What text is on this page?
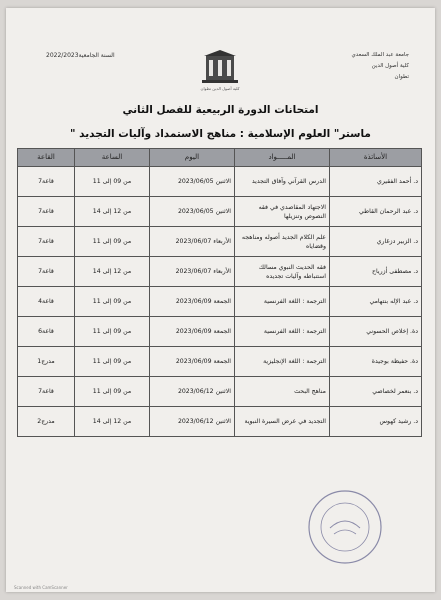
جامعة عبد الملك السعدي
كلية أصول الدين
تطوان
السنة الجامعية2022/2023
كلية أصول الدين تطوان
امتحانات الدورة الربيعية للفصل الثاني
ماستر" العلوم الإسلامية : مناهج الاستمداد وآليات التجديد "
الأساتذة	المـــــواد	اليوم	الساعة	القاعة
د. أحمد الفقيري	الدرس القرآني وآفاق التجديد	الاثنين 2023/06/05	من 09 إلى 11	قاعة7
د. عبد الرحمان القاطي	الاجتهاد المقاصدي في فقه النصوص وتنزيلها	الاثنين 2023/06/05	من 12 إلى 14	قاعة7
د. الزبير دزغاري	علم الكلام الجديد أصوله ومناهجه وقضاياه	الأربعاء 2023/06/07	من 09 إلى 11	قاعة7
د. مصطفى أزرياح	فقه الحديث النبوي مسالك استنباطه وآليات تجديده	الأربعاء 2023/06/07	من 12 إلى 14	قاعة7
د. عبد الإله بنتهامي	الترجمة : اللغة الفرنسية	الجمعة 2023/06/09	من 09 إلى 11	قاعة4
دة. إخلاص الحسوني	الترجمة : اللغة الفرنسية	الجمعة 2023/06/09	من 09 إلى 11	قاعة6
دة. حفيظة بوجيدة	الترجمة : اللغة الإنجليزية	الجمعة 2023/06/09	من 09 إلى 11	مدرج1
د. بنعمر لخصاصي	مناهج البحث	الاثنين 2023/06/12	من 09 إلى 11	قاعة7
د. رشيد كهوس	التجديد في عرض السيرة النبوية	الاثنين 2023/06/12	من 12 إلى 14	مدرج2
Scanned with CamScanner
